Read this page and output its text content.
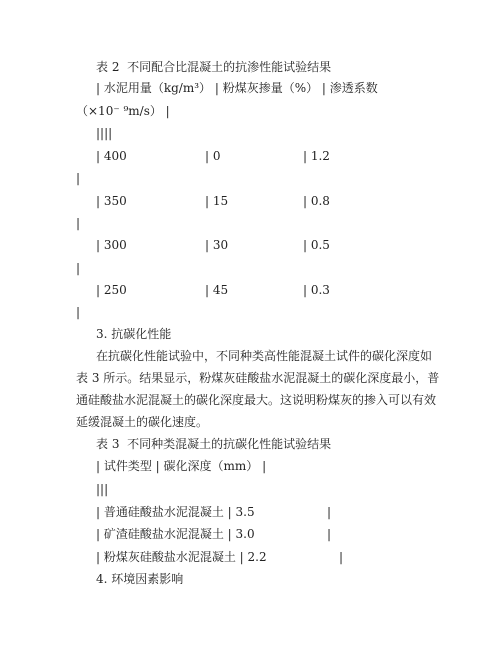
表 2  不同配合比混凝土的抗渗性能试验结果
| 水泥用量（kg/m³） | 粉煤灰掺量（%） | 渗透系数
（×10⁻ ⁹m/s） |
||||
| 400	| 0	| 1.2
|
| 350	| 15	| 0.8
|
| 300	| 30	| 0.5
|
| 250	| 45	| 0.3
|
3. 抗碳化性能
在抗碳化性能试验中，不同种类高性能混凝土试件的碳化深度如
表 3 所示。结果显示，粉煤灰硅酸盐水泥混凝土的碳化深度最小，普
通硅酸盐水泥混凝土的碳化深度最大。这说明粉煤灰的掺入可以有效
延缓混凝土的碳化速度。
表 3  不同种类混凝土的抗碳化性能试验结果
| 试件类型 | 碳化深度（mm） |
|||
| 普通硅酸盐水泥混凝土 | 3.5	|
| 矿渣硅酸盐水泥混凝土 | 3.0	|
| 粉煤灰硅酸盐水泥混凝土 | 2.2	|
4. 环境因素影响
